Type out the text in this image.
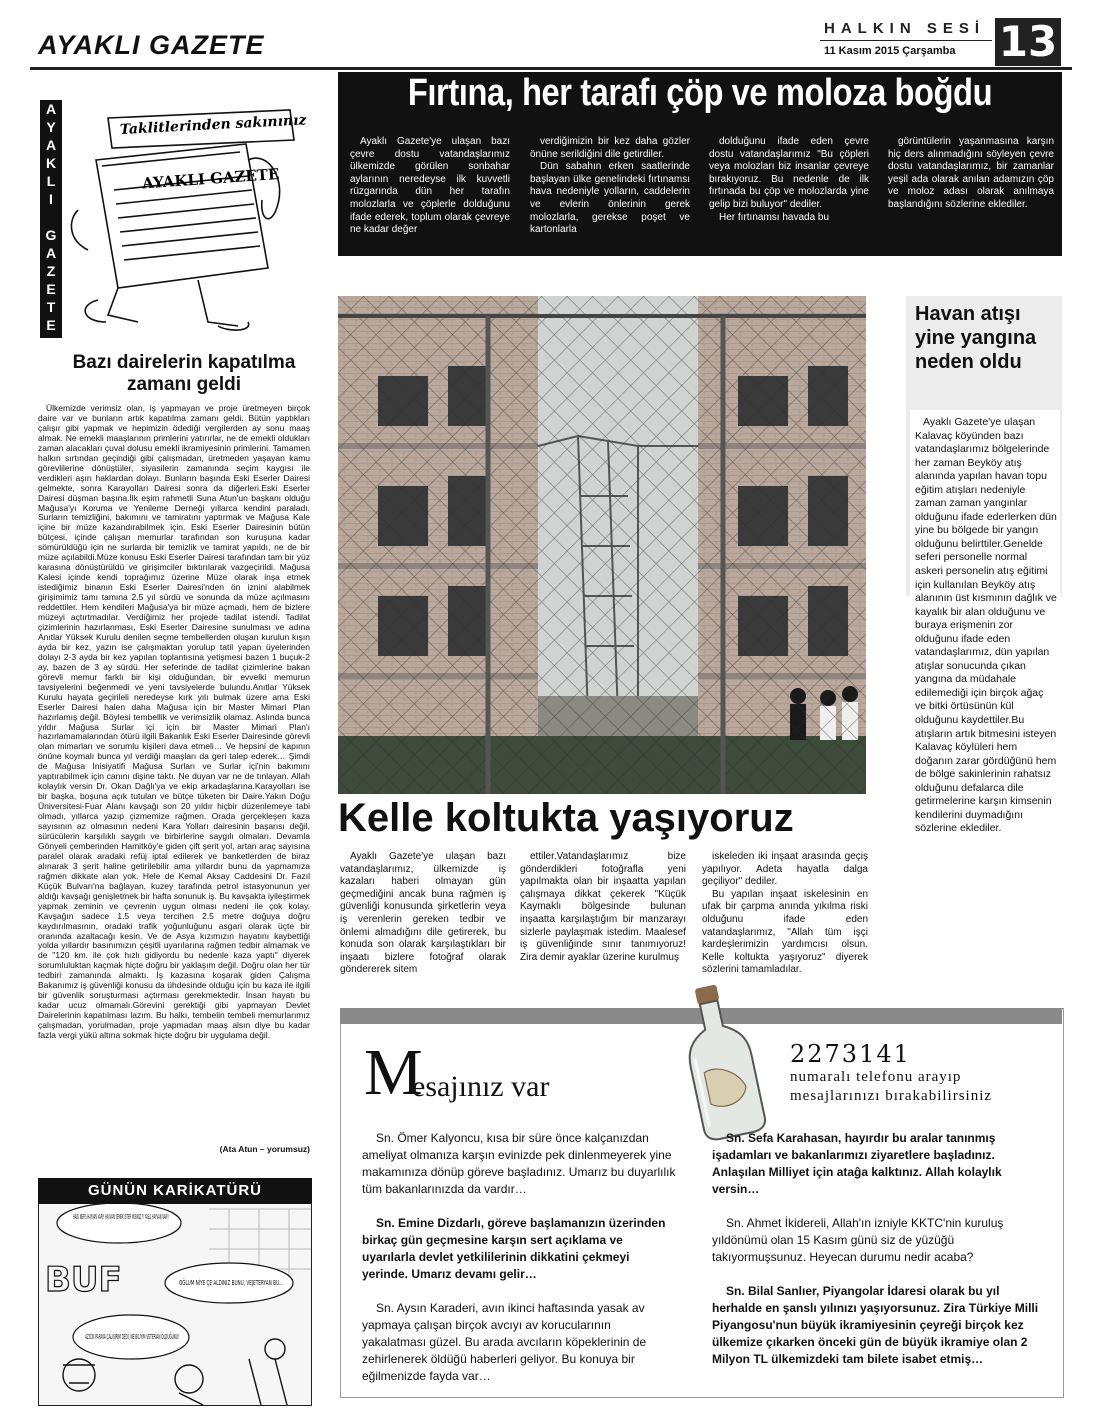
AYAKLI GAZETE
HALKIN SESİ
11 Kasım 2015 Çarşamba 13
A
Y
A
K
L
I

G
A
Z
E
T
E
AYAKLI GAZETE
Taklitlerinden sakınınız
Bazı dairelerin kapatılma zamanı geldi

Ülkemizde verimsiz olan, iş yapmayan ve proje üretmeyen birçok daire var ve bunların artık kapatılma zamanı geldi. Bütün yaptıkları çalışır gibi yapmak ve hepimizin ödediği vergilerden ay sonu maaş almak. Ne emekli maaşlarının primlerini yatırırlar, ne de emekli oldukları zaman alacakları çuval dolusu emekli ikramiyesinin primlerini. Tamamen halkın sırtından geçindiği gibi çalışmadan, üretmeden yaşayan kamu görevlilerine dönüştüler, siyasilerin zamanında seçim kaygısı ile verdikleri aşırı haklardan dolayı. Bunların başında Eski Eserler Dairesi gelmekte, sonra Karayolları Dairesi sonra da diğerleri.Eski Eserler Dairesi düşman başına.İlk eşim rahmetli Suna Atun'un başkanı olduğu Mağusa'yı Koruma ve Yenileme Derneği yıllarca kendini paraladı. Surların temizliğini, bakımını ve tamiratını yaptırmak ve Mağusa Kale içine bir müze kazandırabilmek için. Eski Eserler Dairesinin bütün bütçesi, içinde çalışan memurlar tarafından son kuruşuna kadar sömürüldüğü için ne surlarda bir temizlik ve tamirat yapıldı, ne de bir müze açılabildi.Müze konusu Eski Eserler Dairesi tarafından tam bir yüz karasına dönüştürüldü ve girişimciler bıktırılarak vazgeçirildi. Mağusa Kalesi içinde kendi toprağımız üzerine Müze olarak inşa etmek istediğimiz binanın Eski Eserler Dairesi'nden ön iznini alabilmek girişimimiz tamı tamına 2.5 yıl sürdü ve sonunda da müze açılmasını reddettiler. Hem kendileri Mağusa'ya bir müze açmadı, hem de bizlere müzeyi açtırtmadılar. Verdiğimiz her projede tadilat istendi. Tadilat çizimlerinin hazırlanması, Eski Eserler Dairesine sunulması ve adına Anıtlar Yüksek Kurulu denilen seçme tembellerden oluşan kurulun kışın ayda bir kez, yazın ise çalışmaktan yorulup tatil yapan üyelerinden dolayı 2-3 ayda bir kez yapılan toplantısına yetişmesi bazen 1 buçuk-2 ay, bazen de 3 ay sürdü. Her seferinde de tadilat çizimlerine bakan görevli memur farklı bir kişi olduğundan, bir evvelki memurun tavsiyelerini beğenmedi ve yeni tavsiyelerde bulundu.Anıtlar Yüksek Kurulu hayata geçirileli neredeyse kırk yılı bulmak üzere ama Eski Eserler Dairesi halen daha Mağusa için bir Master Mimari Plan hazırlamış değil. Böylesi tembellik ve verimsizlik olamaz. Aslında bunca yıldır Mağusa Surlar içi için bir Master Mimari Plan'ı hazırlamamalarından ötürü ilgili Bakanlık Eski Eserler Dairesinde görevli olan mimarları ve sorumlu kişileri dava etmeli… Ve hepsini de kapının önüne koymalı bunca yıl verdiği maaşları da geri talep ederek… Şimdi de Mağusa İnisiyatifi Mağusa Surları ve Surlar içi'nin bakımını yaptırabilmek için canını dişine taktı. Ne duyan var ne de tınlayan. Allah kolaylık versin Dr. Okan Dağlı'ya ve ekip arkadaşlarına.Karayolları ise bir başka, boşuna açık tutulan ve bütçe tüketen bir Daire.Yakın Doğu Üniversitesi-Fuar Alanı kavşağı son 20 yıldır hiçbir düzenlemeye tabi olmadı, yıllarca yazıp çizmemize rağmen. Orada gerçekleşen kaza sayısının az olmasının nedeni Kara Yolları dairesinin başarısı değil, sürücülerin karşılıklı saygılı ve birbirlerine saygılı olmaları. Devamla Gönyeli çemberinden Hamitköy'e giden çift şerit yol, artan araç sayısına paralel olarak aradaki refüj iptal edilerek ve banketlerden de biraz alınarak 3 şerit haline getirilebilir ama yıllardır bunu da yapmamıza rağmen dikkate alan yok. Hele de Kemal Aksay Caddesini Dr. Fazıl Küçük Bulvarı'na bağlayan, kuzey tarafında petrol istasyonunun yer aldığı kavşağı genişletmek bir hafta sonunuk iş. Bu kavşakta iyileştirmek yapmak zeminin ve çevrenin uygun olması nedeni ile çok kolay. Kavşağın sadece 1.5 veya tercihen 2.5 metre doğuya doğru kaydırılmasının, oradaki trafik yoğunluğunu asgari olarak üçte bir oranında azaltacağı kesin. Ve de Asya kızımızın hayatını kaybettiği yolda yıllardır basınımızın çeşitli uyarılarına rağmen tedbir almamak ve de "120 km. ile çok hızlı gidiyordu bu nedenle kaza yaptı" diyerek sorumluluktan kaçmak hiçte doğru bir yaklaşım değil. Doğru olan her tür tedbiri zamanında almaktı. İş kazasına koşarak giden Çalışma Bakanımız iş güvenliği konusu da ühdesinde olduğu için bu kaza ile ilgili bir güvenlik soruşturması açtırması gerekmektedir. İnsan hayatı bu kadar ucuz olmamalı.Görevini gerektiği gibi yapmayan Devlet Dairelerinin kapatılması lazım. Bu halkı, tembelin tembeli memurlarımız çalışmadan, yorulmadan, proje yapmadan maaş alsın diye bu kadar fazla vergi yükü altına sokmak hiçte doğru bir uygulama değil.

(Ata Atun – yorumsuz)
OĞLUM NİYE ÇE ALDINIZ BUNU, VEJETERYAN BU...
BUF
GÜNÜN KARİKATÜRÜ
Fırtına, her tarafı çöp ve moloza boğdu

Ayaklı Gazete'ye ulaşan bazı çevre dostu vatandaşlarımız ülkemizde görülen sonbahar aylarının neredeyse ilk kuvvetli rüzgarında dün her tarafın molozlarla ve çöplerle dolduğunu ifade ederek, toplum olarak çevreye ne kadar değer

verdiğimizin bir kez daha gözler önüne serildiğini dile getirdiler.

Dün sabahın erken saatlerinde başlayan ülke genelindeki fırtınamsı hava nedeniyle yolların, caddelerin ve evlerin önlerinin gerek molozlarla, gerekse poşet ve kartonlarla

dolduğunu ifade eden çevre dostu vatandaşlarımız "Bu çöpleri veya molozları biz insanlar çevreye bırakıyoruz. Bu nedenle de ilk fırtınada bu çöp ve molozlarda yine gelip bizi buluyor" dediler.

Her fırtınamsı havada bu

görüntülerin yaşanmasına karşın hiç ders alınmadığını söyleyen çevre dostu vatandaşlarımız, bir zamanlar yeşil ada olarak anılan adamızın çöp ve moloz adası olarak anılmaya başlandığını sözlerine eklediler.

Havan atışı yine yangına neden oldu

Ayaklı Gazete'ye ulaşan Kalavaç köyünden bazı vatandaşlarımız bölgelerinde her zaman Beyköy atış alanında yapılan havan topu eğitim atışları nedeniyle zaman zaman yangınlar olduğunu ifade ederlerken dün yine bu bölgede bir yangın olduğunu belirttiler.Genelde seferi personelle normal askeri personelin atış eğitimi için kullanılan Beyköy atış alanının üst kısmının dağlık ve kayalık bir alan olduğunu ve buraya erişmenin zor olduğunu ifade eden vatandaşlarımız, dün yapılan atışlar sonucunda çıkan yangına da müdahale edilemediği için birçok ağaç ve bitki örtüsünün kül olduğunu kaydettiler.Bu atışların artık bitmesini isteyen Kalavaç köylüleri hem doğanın zarar gördüğünü hem de bölge sakinlerinin rahatsız olduğunu defalarca dile getirmelerine karşın kimsenin kendilerini duymadığını sözlerine eklediler.

Kelle koltukta yaşıyoruz

Ayaklı Gazete'ye ulaşan bazı vatandaşlarımız, ülkemizde iş kazaları haberi olmayan gün geçmediğini ancak buna rağmen iş güvenliği konusunda şirketlerin veya iş verenlerin gereken tedbir ve önlemi almadığını dile getirerek, bu konuda son olarak karşılaştıkları bir inşaatı bizlere fotoğraf olarak göndererek sitem

ettiler.Vatandaşlarımız bize gönderdikleri fotoğrafla yeni yapılmakta olan bir inşaatta yapılan çalışmaya dikkat çekerek "Küçük Kaymaklı bölgesinde bulunan inşaatta karşılaştığım bir manzarayı sizlerle paylaşmak istedim. Maalesef iş güvenliğinde sınır tanımıyoruz! Zira demir ayaklar üzerine kurulmuş

iskeleden iki inşaat arasında geçiş yapılıyor. Adeta hayatla dalga geçiliyor" dediler.

Bu yapılan inşaat iskelesinin en ufak bir çarpma anında yıkılma riski olduğunu ifade eden vatandaşlarımız, "Allah tüm işçi kardeşlerimizin yardımcısı olsun. Kelle koltukta yaşıyoruz" diyerek sözlerini tamamladılar.

M
esajınız var
2273141
numaralı telefonu arayıp
mesajlarınızı bırakabilirsiniz

Sn. Ömer Kalyoncu, kısa bir süre önce kalçanızdan ameliyat olmanıza karşın evinizde pek dinlenmeyerek yine makamınıza dönüp göreve başladınız. Umarız bu duyarlılık tüm bakanlarınızda da vardır…

Sn. Emine Dizdarlı, göreve başlamanızın üzerinden birkaç gün geçmesine karşın sert açıklama ve uyarılarla devlet yetkililerinin dikkatini çekmeyi yerinde. Umarız devamı gelir…

Sn. Aysın Karaderi, avın ikinci haftasında yasak av yapmaya çalışan birçok avcıyı av korucularının yakalatması güzel. Bu arada avcıların köpeklerinin de zehirlenerek öldüğü haberleri geliyor. Bu konuya bir eğilmenizde fayda var…

Sn. Sefa Karahasan, hayırdır bu aralar tanınmış işadamları ve bakanlarımızı ziyaretlere başladınız. Anlaşılan Milliyet için ataĝa kalktınız. Allah kolaylık versin…

Sn. Ahmet İkidereli, Allah'ın izniyle KKTC'nin kuruluş yıldönümü olan 15 Kasım günü siz de yüzüğü takıyormuşsunuz. Heyecan durumu nedir acaba?

Sn. Bilal Sanlıer, Piyangolar İdaresi olarak bu yıl herhalde en şanslı yılınızı yaşıyorsunuz. Zira Türkiye Milli Piyangosu'nun büyük ikramiyesinin çeyreği birçok kez ülkemize çıkarken önceki gün de büyük ikramiye olan 2 Milyon TL ülkemizdeki tam bilete isabet etmiş…
